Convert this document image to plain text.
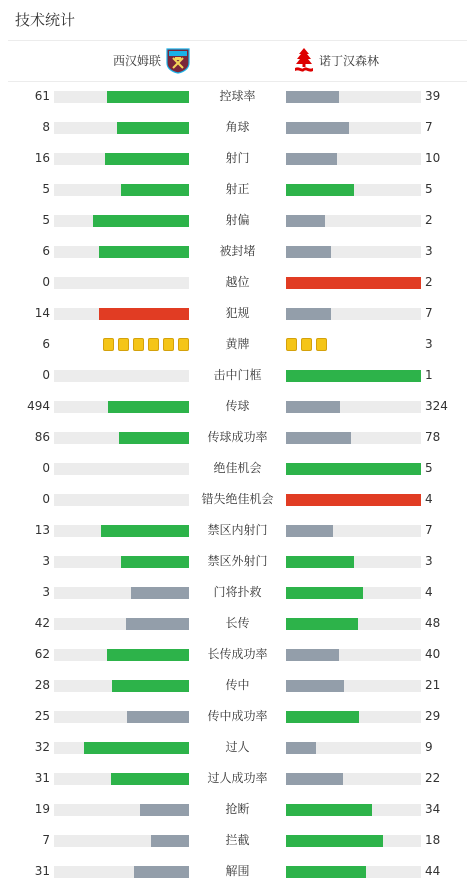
技术统计
西汉姆联	诺丁汉森林
61	控球率	39
8	角球	7
16	射门	10
5	射正	5
5	射偏	2
6	被封堵	3
0	越位	2
14	犯规	7
6	黄牌	3
0	击中门框	1
494	传球	324
86	传球成功率	78
0	绝佳机会	5
0	错失绝佳机会	4
13	禁区内射门	7
3	禁区外射门	3
3	门将扑救	4
42	长传	48
62	长传成功率	40
28	传中	21
25	传中成功率	29
32	过人	9
31	过人成功率	22
19	抢断	34
7	拦截	18
31	解围	44
